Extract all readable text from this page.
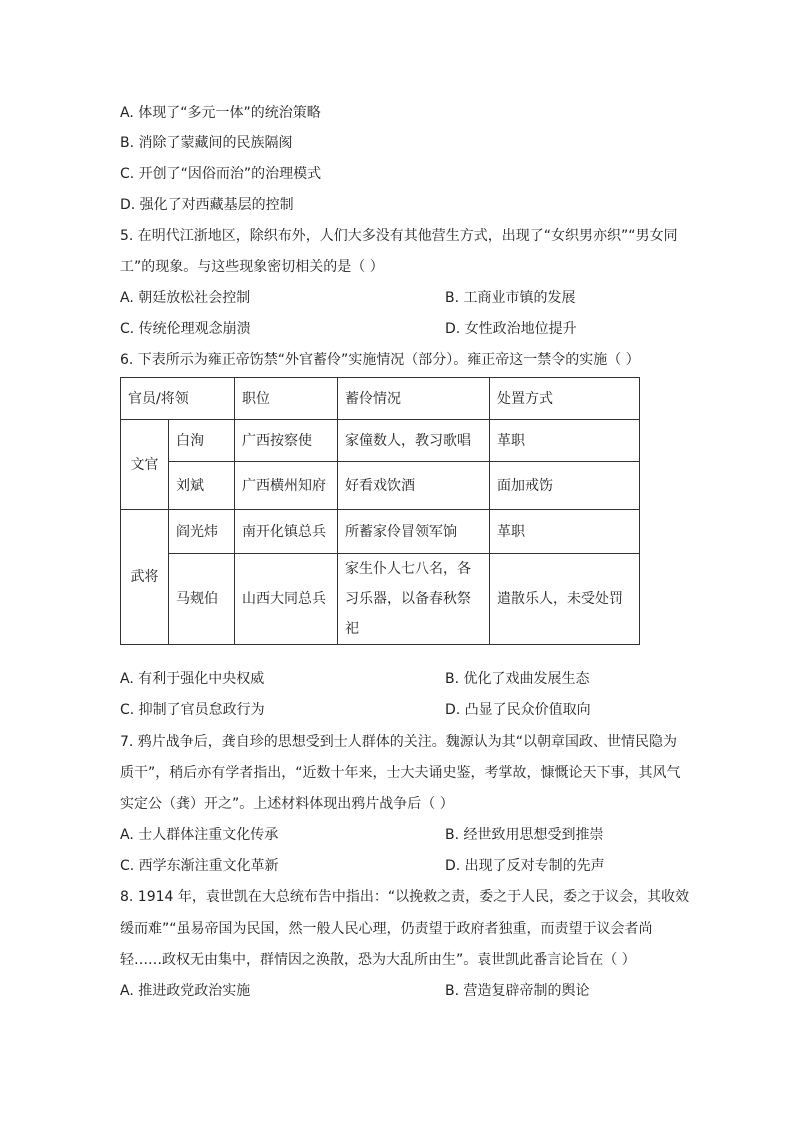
A. 体现了“多元一体”的统治策略
B. 消除了蒙藏间的民族隔阂
C. 开创了“因俗而治”的治理模式
D. 强化了对西藏基层的控制
5. 在明代江浙地区，除织布外，人们大多没有其他营生方式，出现了“女织男亦织”“男女同
工”的现象。与这些现象密切相关的是（ ）
A. 朝廷放松社会控制	B. 工商业市镇的发展
C. 传统伦理观念崩溃	D. 女性政治地位提升
6. 下表所示为雍正帝饬禁“外官蓄伶”实施情况（部分）。雍正帝这一禁令的实施（ ）
官员/将领		职位	蓄伶情况	处置方式
文官	白洵	广西按察使	家僮数人，教习歌唱	革职
	刘斌	广西横州知府	好看戏饮酒	面加戒饬
武将	阎光炜	南开化镇总兵	所蓄家伶冒领军饷	革职
	马觌伯	山西大同总兵	家生仆人七八名，各习乐器，以备春秋祭祀	遣散乐人，未受处罚
A. 有利于强化中央权威	B. 优化了戏曲发展生态
C. 抑制了官员怠政行为	D. 凸显了民众价值取向
7. 鸦片战争后，龚自珍的思想受到士人群体的关注。魏源认为其“以朝章国政、世情民隐为
质干”，稍后亦有学者指出，“近数十年来，士大夫诵史鉴，考掌故，慷慨论天下事，其风气
实定公（龚）开之”。上述材料体现出鸦片战争后（ ）
A. 士人群体注重文化传承	B. 经世致用思想受到推崇
C. 西学东渐注重文化革新	D. 出现了反对专制的先声
8. 1914 年，袁世凯在大总统布告中指出：“以挽救之责，委之于人民，委之于议会，其收效
缓而难”“虽易帝国为民国，然一般人民心理，仍责望于政府者独重，而责望于议会者尚
轻……政权无由集中，群情因之涣散，恐为大乱所由生”。袁世凯此番言论旨在（ ）
A. 推进政党政治实施	B. 营造复辟帝制的舆论
